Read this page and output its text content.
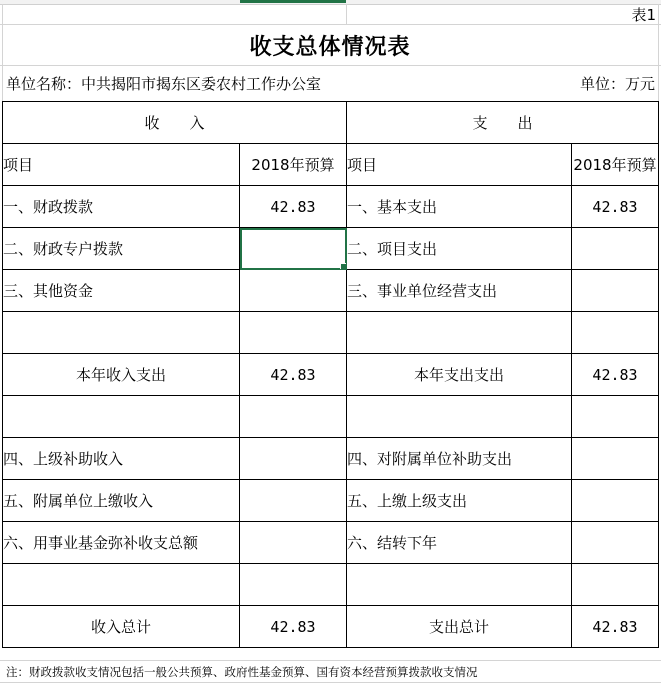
表1
收支总体情况表
单位名称：中共揭阳市揭东区委农村工作办公室	单位：万元
收　　入		支　　出	
项目	2018年预算	项目	2018年预算
一、财政拨款	42.83	一、基本支出	42.83
二、财政专户拨款		二、项目支出	
三、其他资金		三、事业单位经营支出	

本年收入支出	42.83	本年支出支出	42.83

四、上级补助收入		四、对附属单位补助支出	
五、附属单位上缴收入		五、上缴上级支出	
六、用事业基金弥补收支总额		六、结转下年	

收入总计	42.83	支出总计	42.83
注：财政拨款收支情况包括一般公共预算、政府性基金预算、国有资本经营预算拨款收支情况
